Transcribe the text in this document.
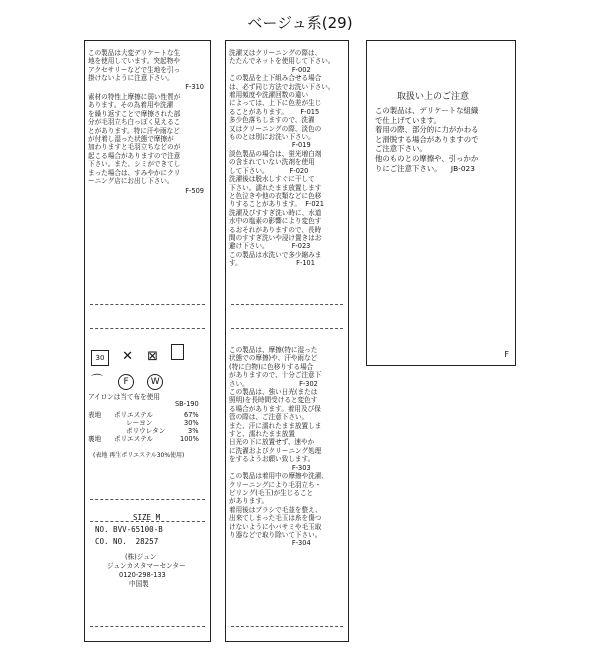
ベージュ系(29)
この製品は大変デリケートな生
地を使用しています。突起物や
アクセサリーなどで生地を引っ
掛けないように注意下さい。
F-310
素材の特性上摩擦に弱い性質が
あります。その為着用や洗濯
を繰り返すことで摩擦された部
分が毛羽立ち白っぽく見えるこ
とがあります。特に汗や雨など
が付着し湿った状態で摩擦が
加わりますと毛羽立ちなどのが
起こる場合がありますので注意
下さい。また、シミができてし
まった場合は、すみやかにクリ
ーニング店にお出し下さい。
F-509
30 ✕ ⊠
⌒ F W
アイロンは当て布を使用
SB-190
表地 ポリエステル	67%
レーヨン	30%
ポリウレタン	3%
裏地 ポリエステル	100%
(表地 再生ポリエステル30%使用)
SIZE M
NO. BVV-65100-B
CO. NO.  28257
(株)ジュン
ジュンカスタマーセンター
0120-298-133
中国製
洗濯又はクリーニングの際は、
たたんでネットを使用して下さい。
F-002
この製品を上下組み合せる場合
は、必ず同じ方法でお洗い下さい。
着用頻度や洗濯回数の違い
によっては、上下に色差が生じ
ることがあります。      F-015
多少色落ちしますので、洗濯
又はクリーニングの際、淡色の
ものとは別にお洗い下さい。
F-019
淡色製品の場合は、蛍光増白剤
の含まれていない洗剤を使用
して下さい。          F-020
洗濯後は脱水しすぐに干して
下さい。濡れたまま放置します
と色泣きや他の衣類などに色移
りすることがあります。  F-021
洗濯及びすすぎ洗い時に、水道
水中の塩素の影響により変色す
るおそれがありますので、長時
間のすすぎ洗いや浸け置きはお
避け下さい。           F-023
この製品は水洗いで多少縮みま
す。                          F-101
この製品は、摩擦(特に湿った
状態での摩擦)や、汗や雨など
(特に白物)に色移りする場合
がありますので、十分ご注意下
さい。                        F-302
この製品は、強い日光(または
照明)を長時間受けると変色す
る場合があります。着用及び保
管の際は、ご注意下さい。
また、汗に濡れたまま放置しま
すと、濡れたまま放置
日光の下に放置せず、速やか
に洗濯およびクリーニング処理
をするようお願い致します。
F-303
この製品は着用中の摩擦や洗濯、
クリーニングにより毛羽立ち・
ピリング(毛玉)が生じること
があります。
着用後はブラシで毛並を整え、
出来てしまった毛玉は糸を傷つ
けないように小バサミや毛玉取
り器などで取り除いて下さい。
F-304
取扱い上のご注意
この製品は、デリケートな組織
で仕上げています。
着用の際、部分的に力がかわる
と滑脱する場合がありますので
ご注意下さい。
他のものとの摩擦や、引っかか
りにご注意下さい。    JB-023
F
